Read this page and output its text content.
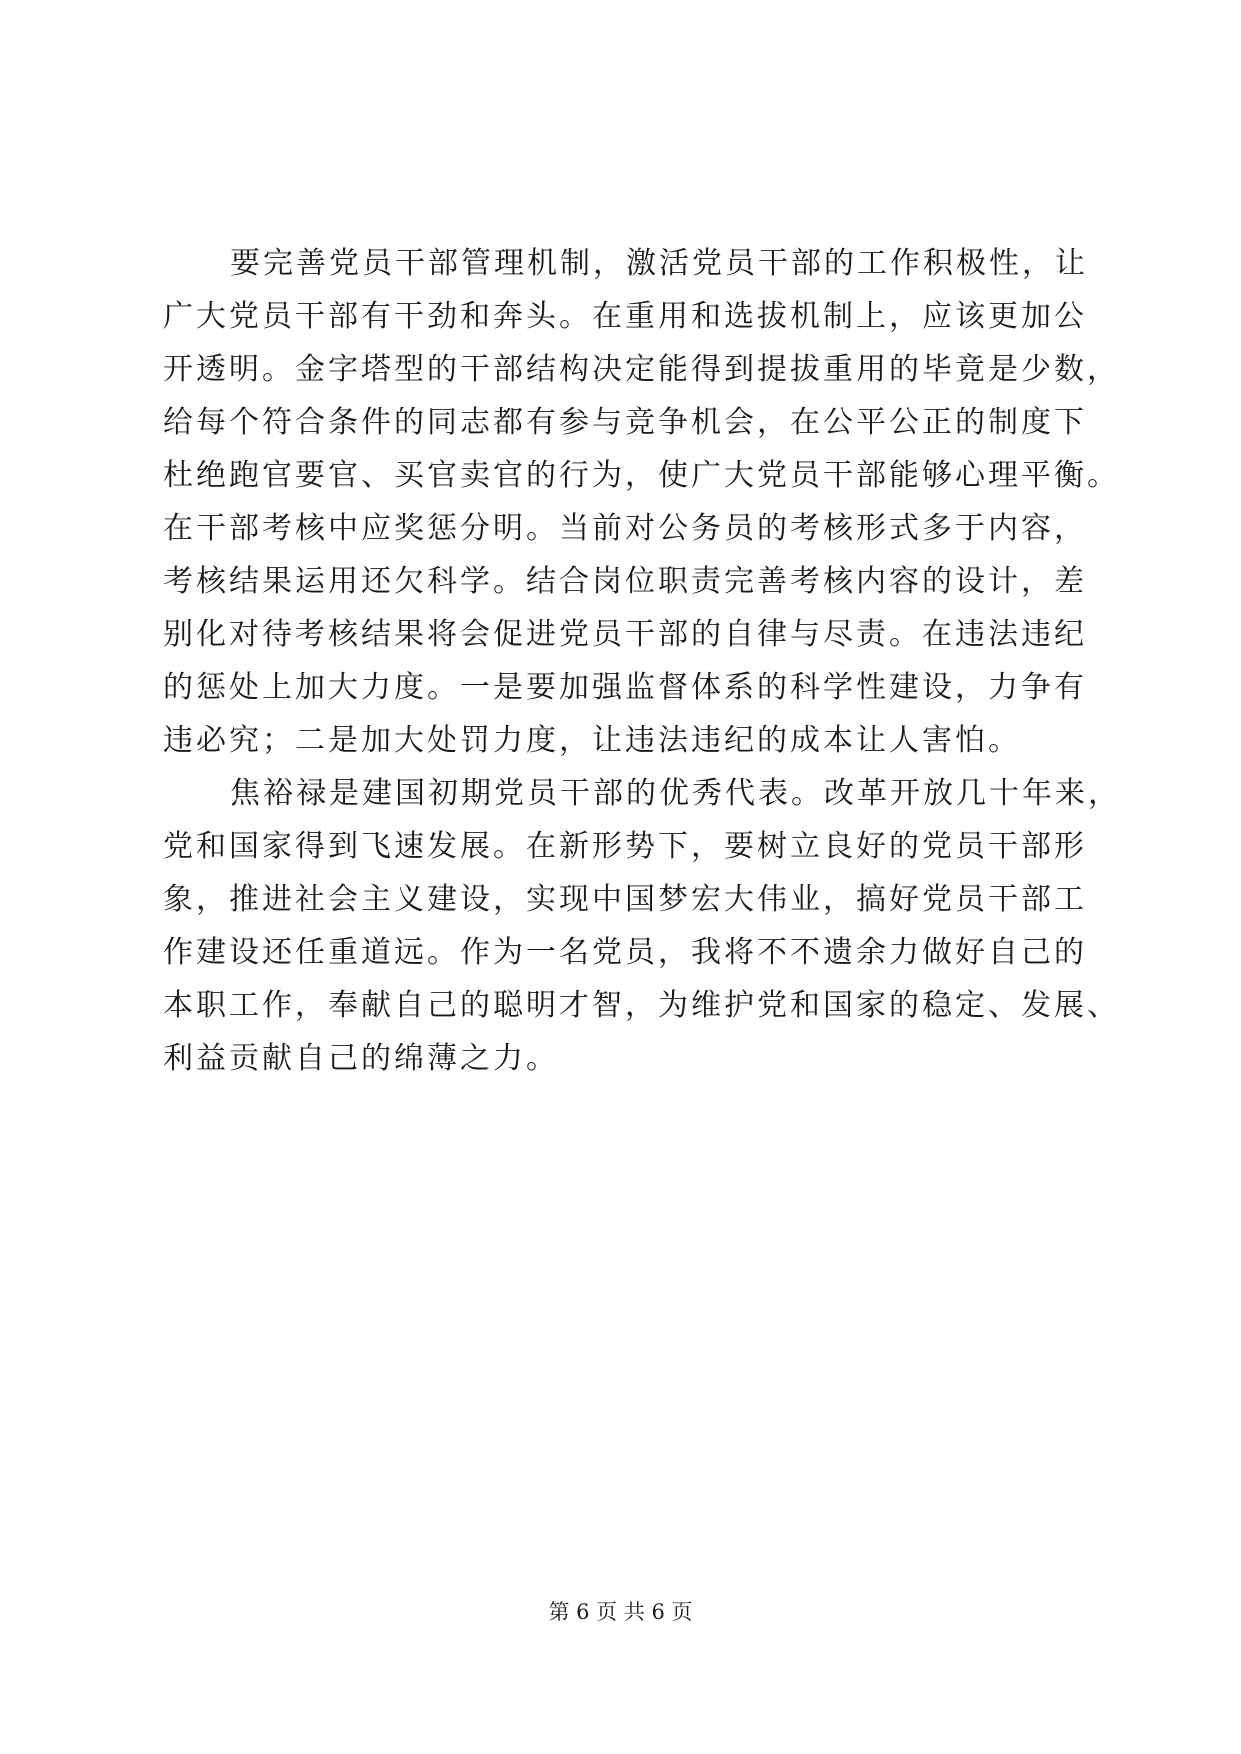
要完善党员干部管理机制，激活党员干部的工作积极性，让
广大党员干部有干劲和奔头。在重用和选拔机制上，应该更加公
开透明。金字塔型的干部结构决定能得到提拔重用的毕竟是少数，
给每个符合条件的同志都有参与竞争机会，在公平公正的制度下
杜绝跑官要官、买官卖官的行为，使广大党员干部能够心理平衡。
在干部考核中应奖惩分明。当前对公务员的考核形式多于内容，
考核结果运用还欠科学。结合岗位职责完善考核内容的设计，差
别化对待考核结果将会促进党员干部的自律与尽责。在违法违纪
的惩处上加大力度。一是要加强监督体系的科学性建设，力争有
违必究；二是加大处罚力度，让违法违纪的成本让人害怕。
焦裕禄是建国初期党员干部的优秀代表。改革开放几十年来，
党和国家得到飞速发展。在新形势下，要树立良好的党员干部形
象，推进社会主义建设，实现中国梦宏大伟业，搞好党员干部工
作建设还任重道远。作为一名党员，我将不不遗余力做好自己的
本职工作，奉献自己的聪明才智，为维护党和国家的稳定、发展、
利益贡献自己的绵薄之力。
第 6 页 共 6 页
